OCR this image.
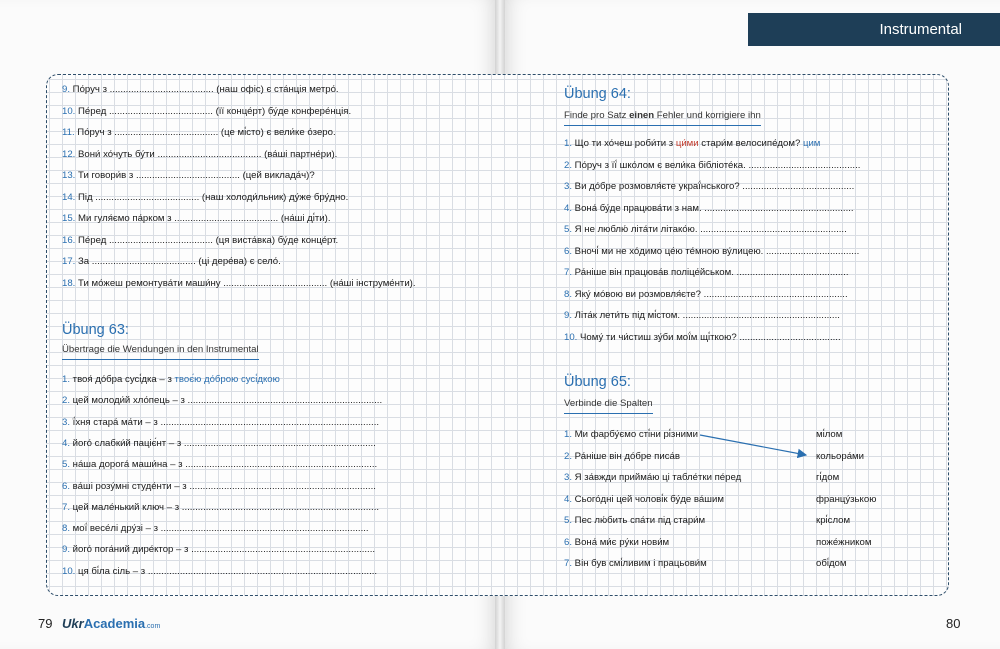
Instrumental
79 UkrAcademia.com	80
9. По́руч з ....................................... (наш офіс) є ста́нція метро́.
10. Пе́ред ....................................... (її конце́рт) бу́де конфере́нція.
11. По́руч з ....................................... (це мі́сто) є вели́ке о́зеро.
12. Вони́ хо́чуть бу́ти ....................................... (ва́ші партне́ри).
13. Ти говори́в з ....................................... (цей виклада́ч)?
14. Під ....................................... (наш холоди́льник) ду́же бру́дно.
15. Ми гуля́ємо па́рком з ....................................... (на́ші ді́ти).
16. Пе́ред ....................................... (ця виста́вка) бу́де конце́рт.
17. За ....................................... (ці дере́ва) є село́.
18. Ти мо́жеш ремонтува́ти маши́ну ....................................... (на́ші інструме́нти).
Übung 63:
Übertrage die Wendungen in den Instrumental
1. твоя́ до́бра сусі́дка – з твоє́ю до́брою сусі́дкою
2. цей молоди́й хло́пець – з .........................................................................
3. ї́хня стара́ ма́ти – з ..................................................................................
4. його́ слабки́й паціє́нт – з ........................................................................
5. на́ша дорога́ маши́на – з ........................................................................
6. ва́ші розу́мні студе́нти – з ......................................................................
7. цей мале́нький ключ – з ..........................................................................
8. мої́ весе́лі дру́зі – з ..............................................................................
9. його́ пога́ний дире́ктор – з .....................................................................
10. ця бі́ла сіль – з ......................................................................................
Übung 64:
Finde pro Satz einen Fehler und korrigiere ihn
1. Що ти хо́чеш роби́ти з ци́ми стари́м велосипе́дом? цим
2. По́руч з її́ шко́лом є вели́ка бібліоте́ка. ..........................................
3. Ви до́бре розмовля́єте украї́нського? ..........................................
4. Вона́ бу́де працюва́ти з нам. ........................................................
5. Я не люблю́ літа́ти літако́ю. .......................................................
6. Вночі́ ми не хо́димо це́ю те́мною ву́лицею. ...................................
7. Ра́ніше він працюва́в поліце́йськом. ..........................................
8. Яку́ мо́вою ви розмовля́єте? ......................................................
9. Літа́к лети́ть під мі́стом. ...........................................................
10. Чому́ ти чи́стиш зу́би мої́м щі́ткою? ......................................
Übung 65:
Verbinde die Spalten
1. Ми фарбу́ємо сті́ни рі́зними
2. Ра́ніше він до́бре писа́в
3. Я за́вжди прийма́ю ці табле́тки пе́ред
4. Сього́дні цей чолові́к бу́де ва́шим
5. Пес лю́бить спа́ти під стари́м
6. Вона́ ми́є ру́ки нови́м
7. Він був смі́ливим і працьови́м
мі́лом
кольора́ми
гі́дом
францу́зькою
крі́слом
поже́жником
обі́дом
